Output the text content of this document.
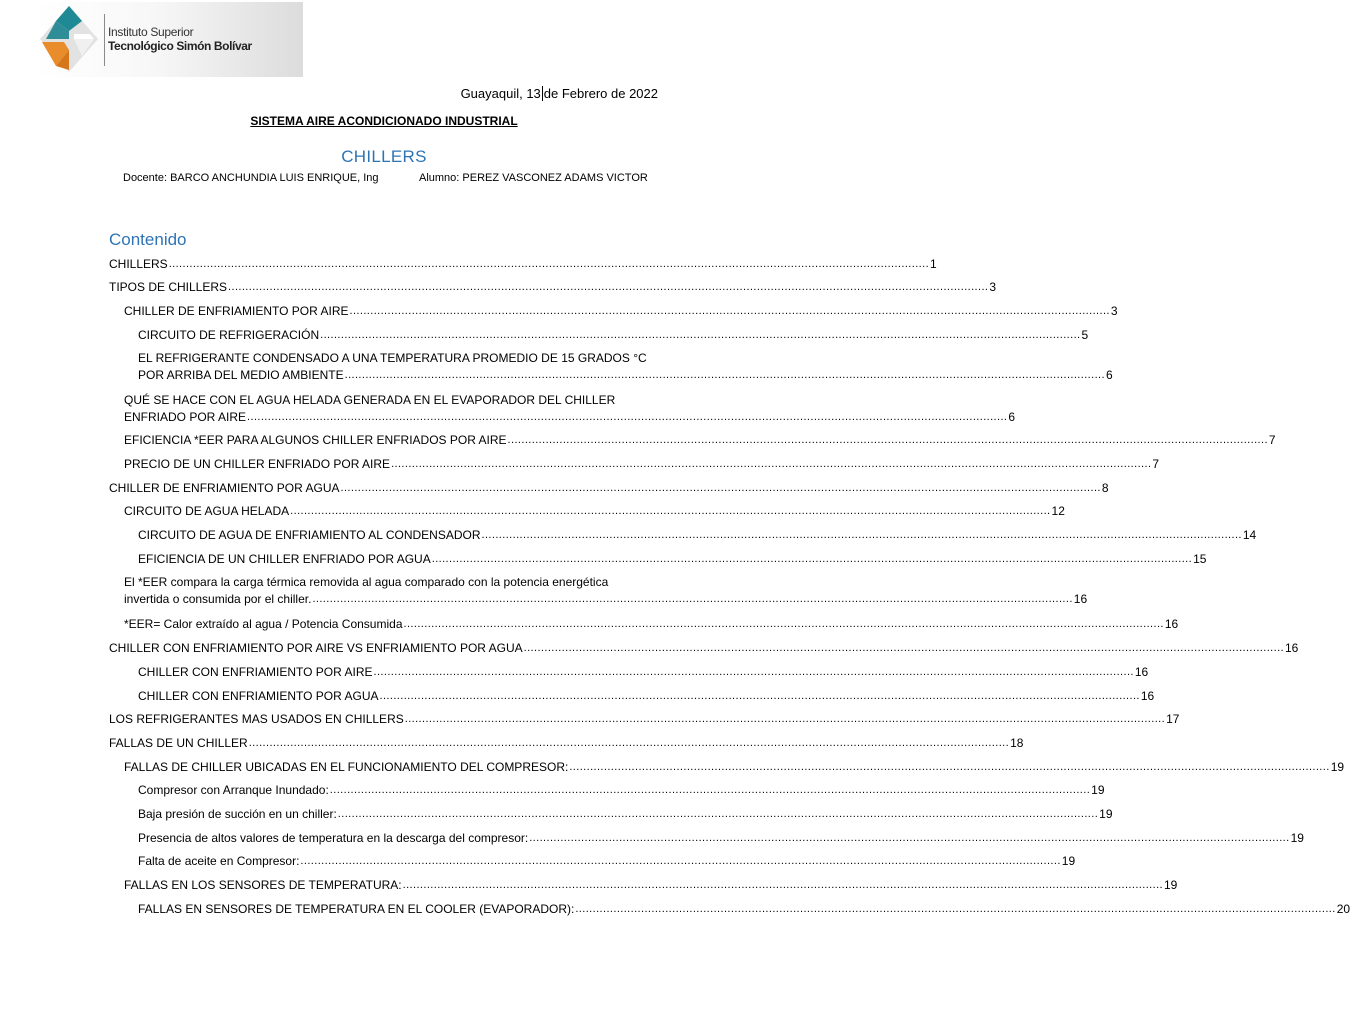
Instituto Superior
Tecnológico Simón Bolívar
Guayaquil, 13 de Febrero de 2022
SISTEMA AIRE ACONDICIONADO INDUSTRIAL
CHILLERS
Docente: BARCO ANCHUNDIA LUIS ENRIQUE, Ing	Alumno: PEREZ VASCONEZ ADAMS VICTOR
Contenido
CHILLERS ............................................................................................................................................................................................................................ 1
TIPOS DE CHILLERS ............................................................................................................................................................................................................................ 3
CHILLER DE ENFRIAMIENTO POR AIRE ............................................................................................................................................................................................................................ 3
CIRCUITO DE REFRIGERACIÓN ............................................................................................................................................................................................................................ 5
EL REFRIGERANTE CONDENSADO A UNA TEMPERATURA PROMEDIO DE 15 GRADOS °C
POR ARRIBA DEL MEDIO AMBIENTE ............................................................................................................................................................................................................................ 6
QUÉ SE HACE CON EL AGUA HELADA GENERADA EN EL EVAPORADOR DEL CHILLER
ENFRIADO POR AIRE ............................................................................................................................................................................................................................ 6
EFICIENCIA *EER PARA ALGUNOS CHILLER ENFRIADOS POR AIRE ............................................................................................................................................................................................................................ 7
PRECIO DE UN CHILLER ENFRIADO POR AIRE ............................................................................................................................................................................................................................ 7
CHILLER DE ENFRIAMIENTO POR AGUA ............................................................................................................................................................................................................................ 8
CIRCUITO DE AGUA HELADA ............................................................................................................................................................................................................................ 12
CIRCUITO DE AGUA DE ENFRIAMIENTO AL CONDENSADOR ............................................................................................................................................................................................................................ 14
EFICIENCIA DE UN CHILLER ENFRIADO POR AGUA ............................................................................................................................................................................................................................ 15
El *EER compara la carga térmica removida al agua comparado con la potencia energética
invertida o consumida por el chiller. ............................................................................................................................................................................................................................ 16
*EER= Calor extraído al agua / Potencia Consumida ............................................................................................................................................................................................................................ 16
CHILLER CON ENFRIAMIENTO POR AIRE VS ENFRIAMIENTO POR AGUA ............................................................................................................................................................................................................................ 16
CHILLER CON ENFRIAMIENTO POR AIRE ............................................................................................................................................................................................................................ 16
CHILLER CON ENFRIAMIENTO POR AGUA ............................................................................................................................................................................................................................ 16
LOS REFRIGERANTES MAS USADOS EN CHILLERS ............................................................................................................................................................................................................................ 17
FALLAS DE UN CHILLER ............................................................................................................................................................................................................................ 18
FALLAS DE CHILLER UBICADAS EN EL FUNCIONAMIENTO DEL COMPRESOR: ............................................................................................................................................................................................................................ 19
Compresor con Arranque Inundado: ............................................................................................................................................................................................................................ 19
Baja presión de succión en un chiller: ............................................................................................................................................................................................................................ 19
Presencia de altos valores de temperatura en la descarga del compresor: ............................................................................................................................................................................................................................ 19
Falta de aceite en Compresor: ............................................................................................................................................................................................................................ 19
FALLAS EN LOS SENSORES DE TEMPERATURA: ............................................................................................................................................................................................................................ 19
FALLAS EN SENSORES DE TEMPERATURA EN EL COOLER (EVAPORADOR): ............................................................................................................................................................................................................................ 20
